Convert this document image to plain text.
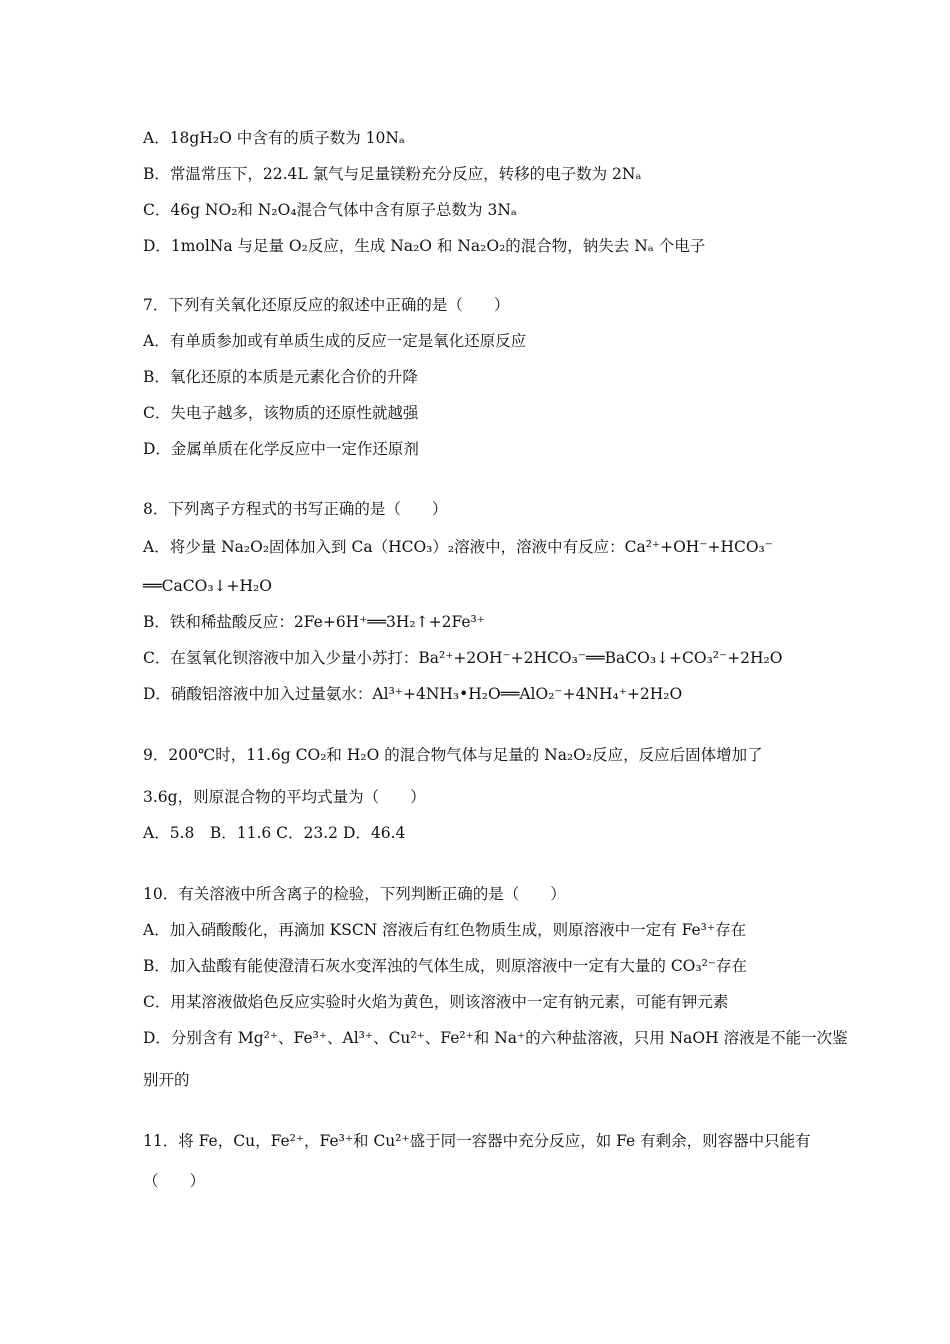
A．18gH₂O 中含有的质子数为 10Nₐ
B．常温常压下，22.4L 氯气与足量镁粉充分反应，转移的电子数为 2Nₐ
C．46g NO₂和 N₂O₄混合气体中含有原子总数为 3Nₐ
D．1molNa 与足量 O₂反应，生成 Na₂O 和 Na₂O₂的混合物，钠失去 Nₐ 个电子
7．下列有关氧化还原反应的叙述中正确的是（　　）
A．有单质参加或有单质生成的反应一定是氧化还原反应
B．氧化还原的本质是元素化合价的升降
C．失电子越多，该物质的还原性就越强
D．金属单质在化学反应中一定作还原剂
8．下列离子方程式的书写正确的是（　　）
A．将少量 Na₂O₂固体加入到 Ca（HCO₃）₂溶液中，溶液中有反应：Ca²⁺+OH⁻+HCO₃⁻
══CaCO₃↓+H₂O
B．铁和稀盐酸反应：2Fe+6H⁺══3H₂↑+2Fe³⁺
C．在氢氧化钡溶液中加入少量小苏打：Ba²⁺+2OH⁻+2HCO₃⁻══BaCO₃↓+CO₃²⁻+2H₂O
D．硝酸铝溶液中加入过量氨水：Al³⁺+4NH₃•H₂O══AlO₂⁻+4NH₄⁺+2H₂O
9．200℃时，11.6g CO₂和 H₂O 的混合物气体与足量的 Na₂O₂反应，反应后固体增加了
3.6g，则原混合物的平均式量为（　　）
A．5.8　B．11.6 C．23.2 D．46.4
10．有关溶液中所含离子的检验，下列判断正确的是（　　）
A．加入硝酸酸化，再滴加 KSCN 溶液后有红色物质生成，则原溶液中一定有 Fe³⁺存在
B．加入盐酸有能使澄清石灰水变浑浊的气体生成，则原溶液中一定有大量的 CO₃²⁻存在
C．用某溶液做焰色反应实验时火焰为黄色，则该溶液中一定有钠元素，可能有钾元素
D．分别含有 Mg²⁺、Fe³⁺、Al³⁺、Cu²⁺、Fe²⁺和 Na⁺的六种盐溶液，只用 NaOH 溶液是不能一次鉴
别开的
11．将 Fe，Cu，Fe²⁺，Fe³⁺和 Cu²⁺盛于同一容器中充分反应，如 Fe 有剩余，则容器中只能有
（　　）
